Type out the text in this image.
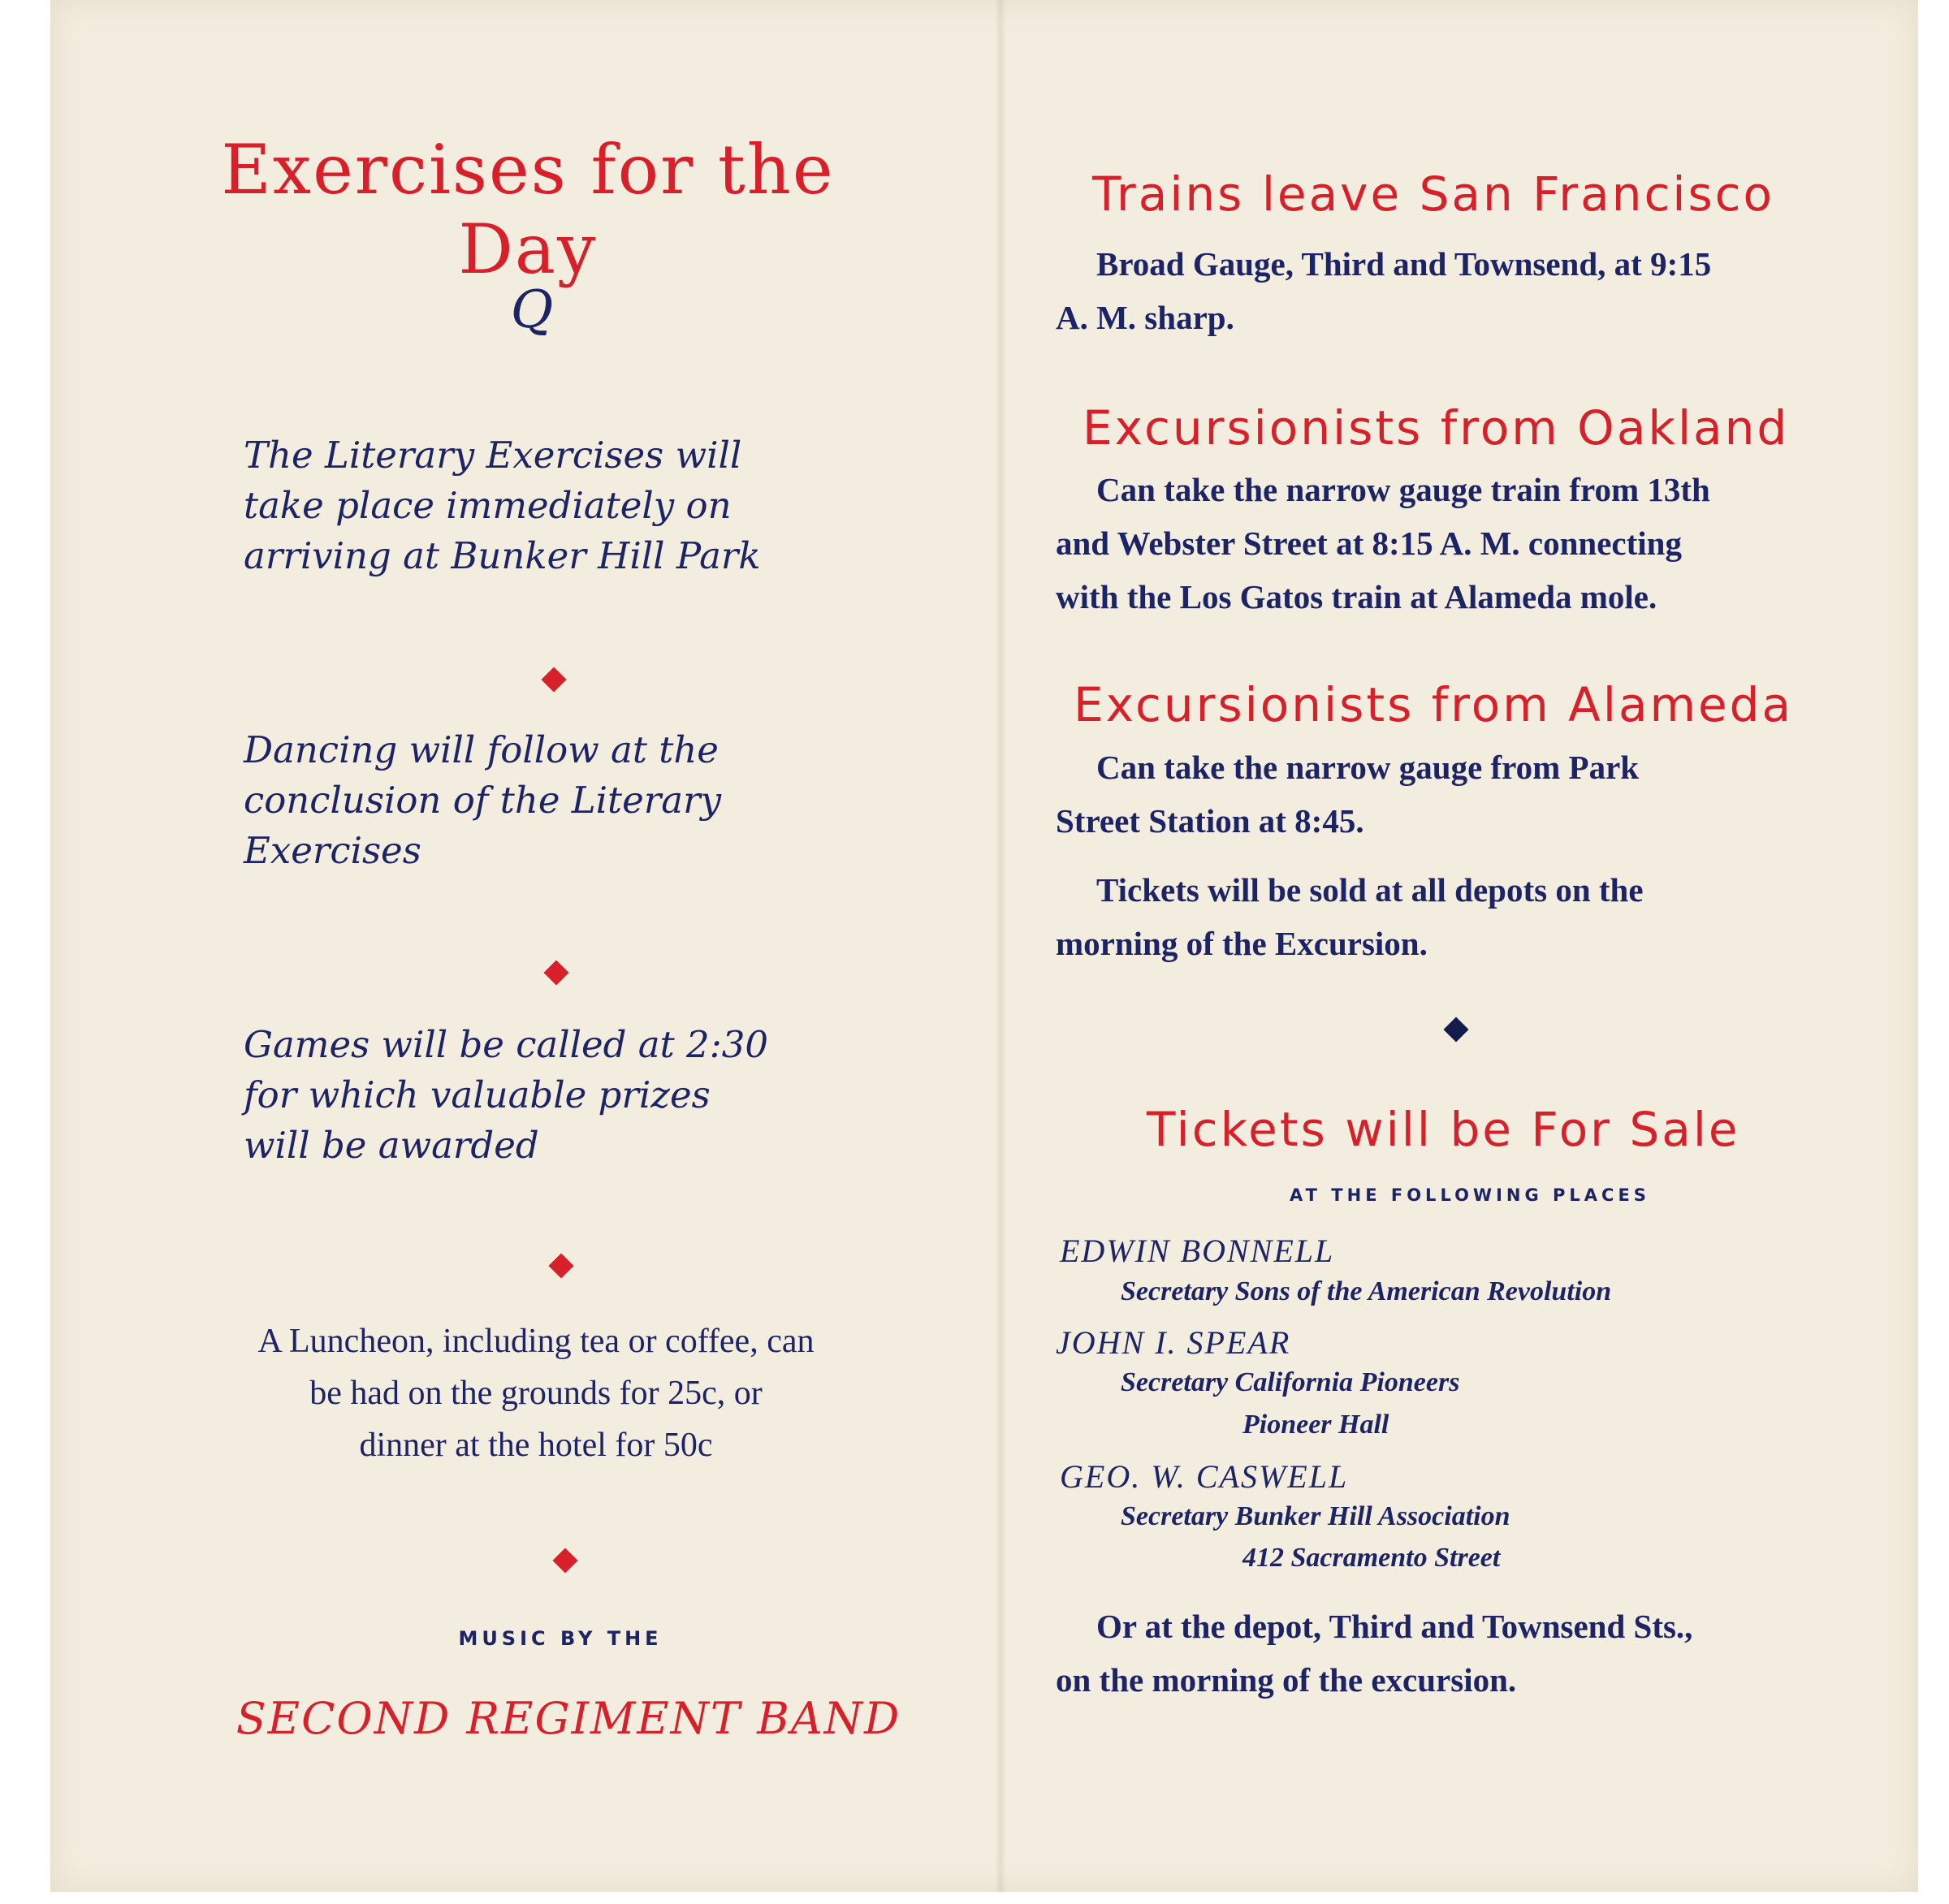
Exercises for the Day
Q
The Literary Exercises will
take place immediately on
arriving at Bunker Hill Park
Dancing will follow at the
conclusion of the Literary
Exercises
Games will be called at 2:30
for which valuable prizes
will be awarded
A Luncheon, including tea or coffee, can
be had on the grounds for 25c, or
dinner at the hotel for 50c
MUSIC BY THE
SECOND REGIMENT BAND
Trains leave San Francisco
Broad Gauge, Third and Townsend, at 9:15
A. M. sharp.
Excursionists from Oakland
Can take the narrow gauge train from 13th
and Webster Street at 8:15 A. M. connecting
with the Los Gatos train at Alameda mole.
Excursionists from Alameda
Can take the narrow gauge from Park
Street Station at 8:45.
Tickets will be sold at all depots on the
morning of the Excursion.
Tickets will be For Sale
AT THE FOLLOWING PLACES
EDWIN BONNELL
Secretary Sons of the American Revolution
JOHN I. SPEAR
Secretary California Pioneers
Pioneer Hall
GEO. W. CASWELL
Secretary Bunker Hill Association
412 Sacramento Street
Or at the depot, Third and Townsend Sts.,
on the morning of the excursion.
